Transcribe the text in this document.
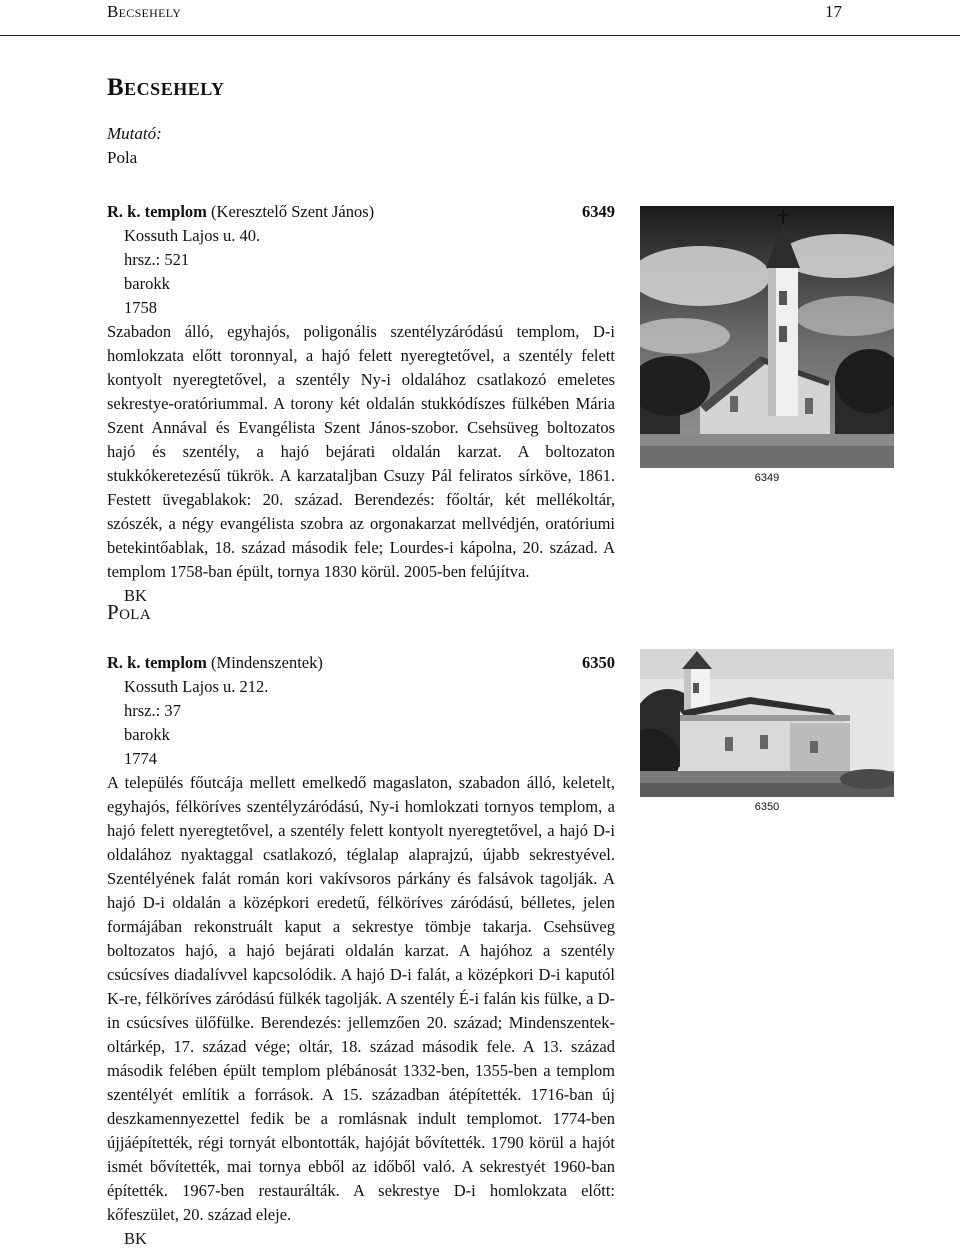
Becsehely	17
Becsehely
Mutató:
Pola
R. k. templom (Keresztelő Szent János)	6349
Kossuth Lajos u. 40.
hrsz.: 521
barokk
1758
Szabadon álló, egyhajós, poligonális szentélyzáródású templom, D-i homlokzata előtt toronnyal, a hajó felett nyeregtetővel, a szentély felett kontyolt nyeregtetővel, a szentély Ny-i oldalához csatlakozó emeletes sekrestye-oratóriummal. A torony két oldalán stukkódíszes fülkében Mária Szent Annával és Evangélista Szent János-szobor. Csehsüveg boltozatos hajó és szentély, a hajó bejárati oldalán karzat. A boltozaton stukkókeretezésű tükrök. A karzataljban Csuzy Pál feliratos sírköve, 1861. Festett üvegablakok: 20. század. Berendezés: főoltár, két mellékoltár, szószék, a négy evangélista szobra az orgonakarzat mellvédjén, oratóriumi betekintőablak, 18. század második fele; Lourdes-i kápolna, 20. század. A templom 1758-ban épült, tornya 1830 körül. 2005-ben felújítva.
BK
6349
Pola
R. k. templom (Mindenszentek)	6350
Kossuth Lajos u. 212.
hrsz.: 37
barokk
1774
A település főutcája mellett emelkedő magaslaton, szabadon álló, keletelt, egyhajós, félköríves szentélyzáródású, Ny-i homlokzati tornyos templom, a hajó felett nyeregtetővel, a szentély felett kontyolt nyeregtetővel, a hajó D-i oldalához nyaktaggal csatlakozó, téglalap alaprajzú, újabb sekrestyével. Szentélyének falát román kori vakívsoros párkány és falsávok tagolják. A hajó D-i oldalán a középkori eredetű, félköríves záródású, bélletes, jelen formájában rekonstruált kaput a sekrestye tömbje takarja. Csehsüveg boltozatos hajó, a hajó bejárati oldalán karzat. A hajóhoz a szentély csúcsíves diadalívvel kapcsolódik. A hajó D-i falát, a középkori D-i kaputól K-re, félköríves záródású fülkék tagolják. A szentély É-i falán kis fülke, a D-in csúcsíves ülőfülke. Berendezés: jellemzően 20. század; Mindenszentek-oltárkép, 17. század vége; oltár, 18. század második fele. A 13. század második felében épült templom plébánosát 1332-ben, 1355-ben a templom szentélyét említik a források. A 15. században átépítették. 1716-ban új deszkamennyezettel fedik be a romlásnak indult templomot. 1774-ben újjáépítették, régi tornyát elbontották, hajóját bővítették. 1790 körül a hajót ismét bővítették, mai tornya ebből az időből való. A sekrestyét 1960-ban építették. 1967-ben restaurálták. A sekrestye D-i homlokzata előtt: kőfeszület, 20. század eleje.
BK
6350
